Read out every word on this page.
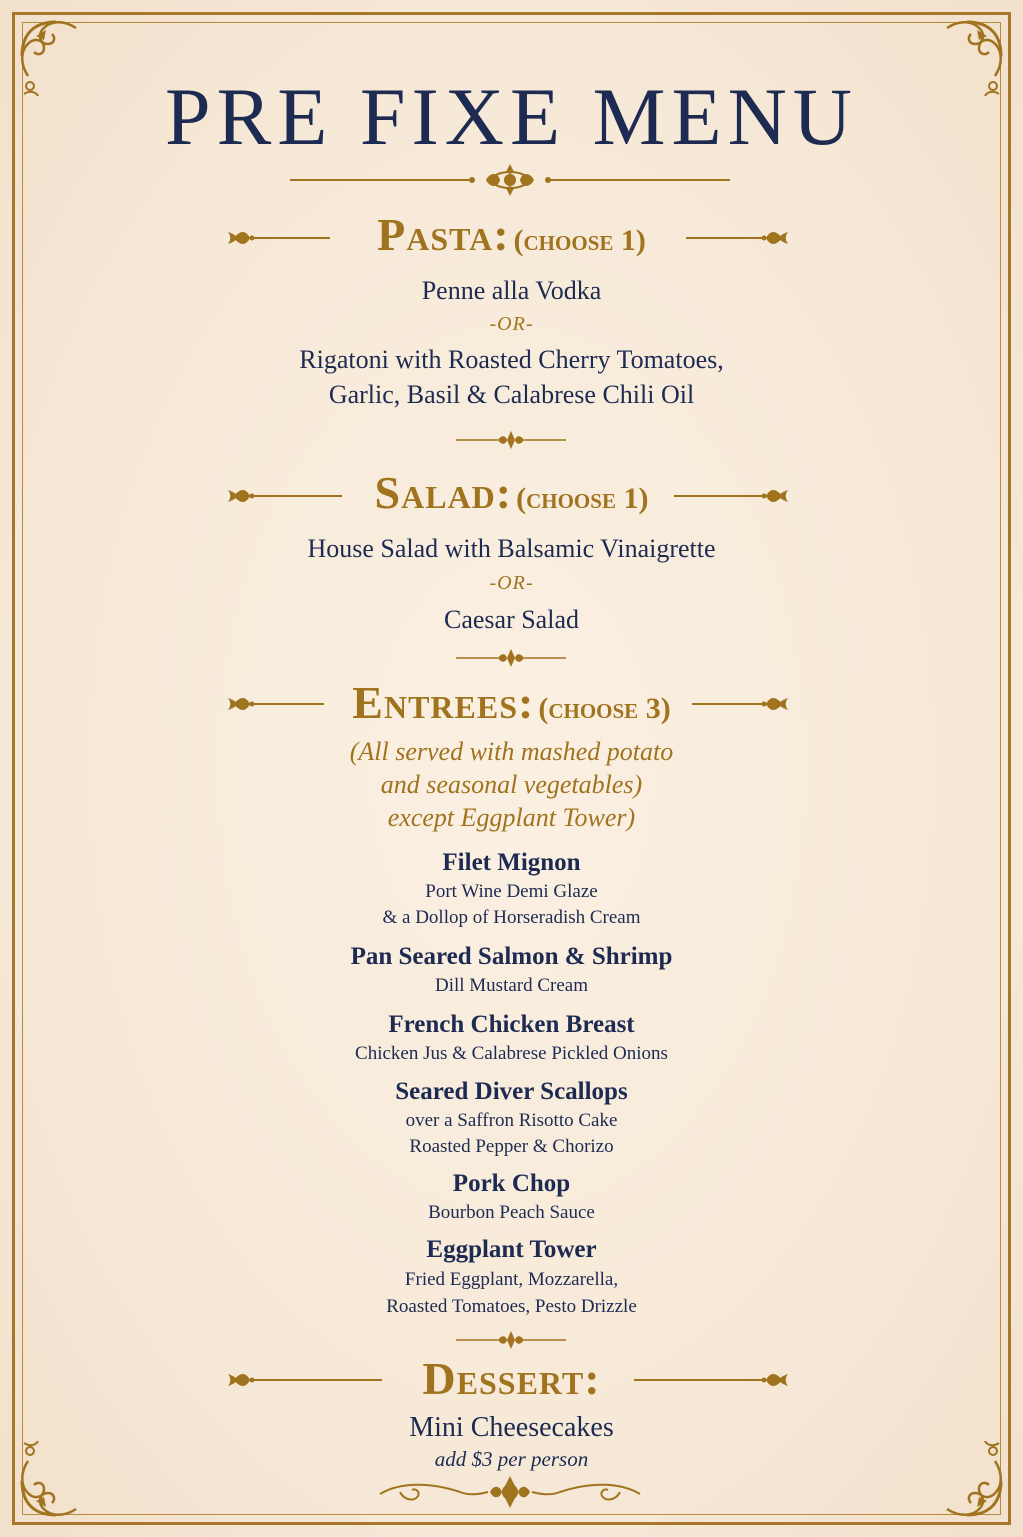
PRE FIXE MENU
Pasta: (choose 1)
Penne alla Vodka
-OR-
Rigatoni with Roasted Cherry Tomatoes,
Garlic, Basil & Calabrese Chili Oil
Salad: (choose 1)
House Salad with Balsamic Vinaigrette
-OR-
Caesar Salad
Entrees: (choose 3)
(All served with mashed potato
and seasonal vegetables)
except Eggplant Tower)
Filet Mignon
Port Wine Demi Glaze
& a Dollop of Horseradish Cream
Pan Seared Salmon & Shrimp
Dill Mustard Cream
French Chicken Breast
Chicken Jus & Calabrese Pickled Onions
Seared Diver Scallops
over a Saffron Risotto Cake
Roasted Pepper & Chorizo
Pork Chop
Bourbon Peach Sauce
Eggplant Tower
Fried Eggplant, Mozzarella,
Roasted Tomatoes, Pesto Drizzle
Dessert:
Mini Cheesecakes
add $3 per person
